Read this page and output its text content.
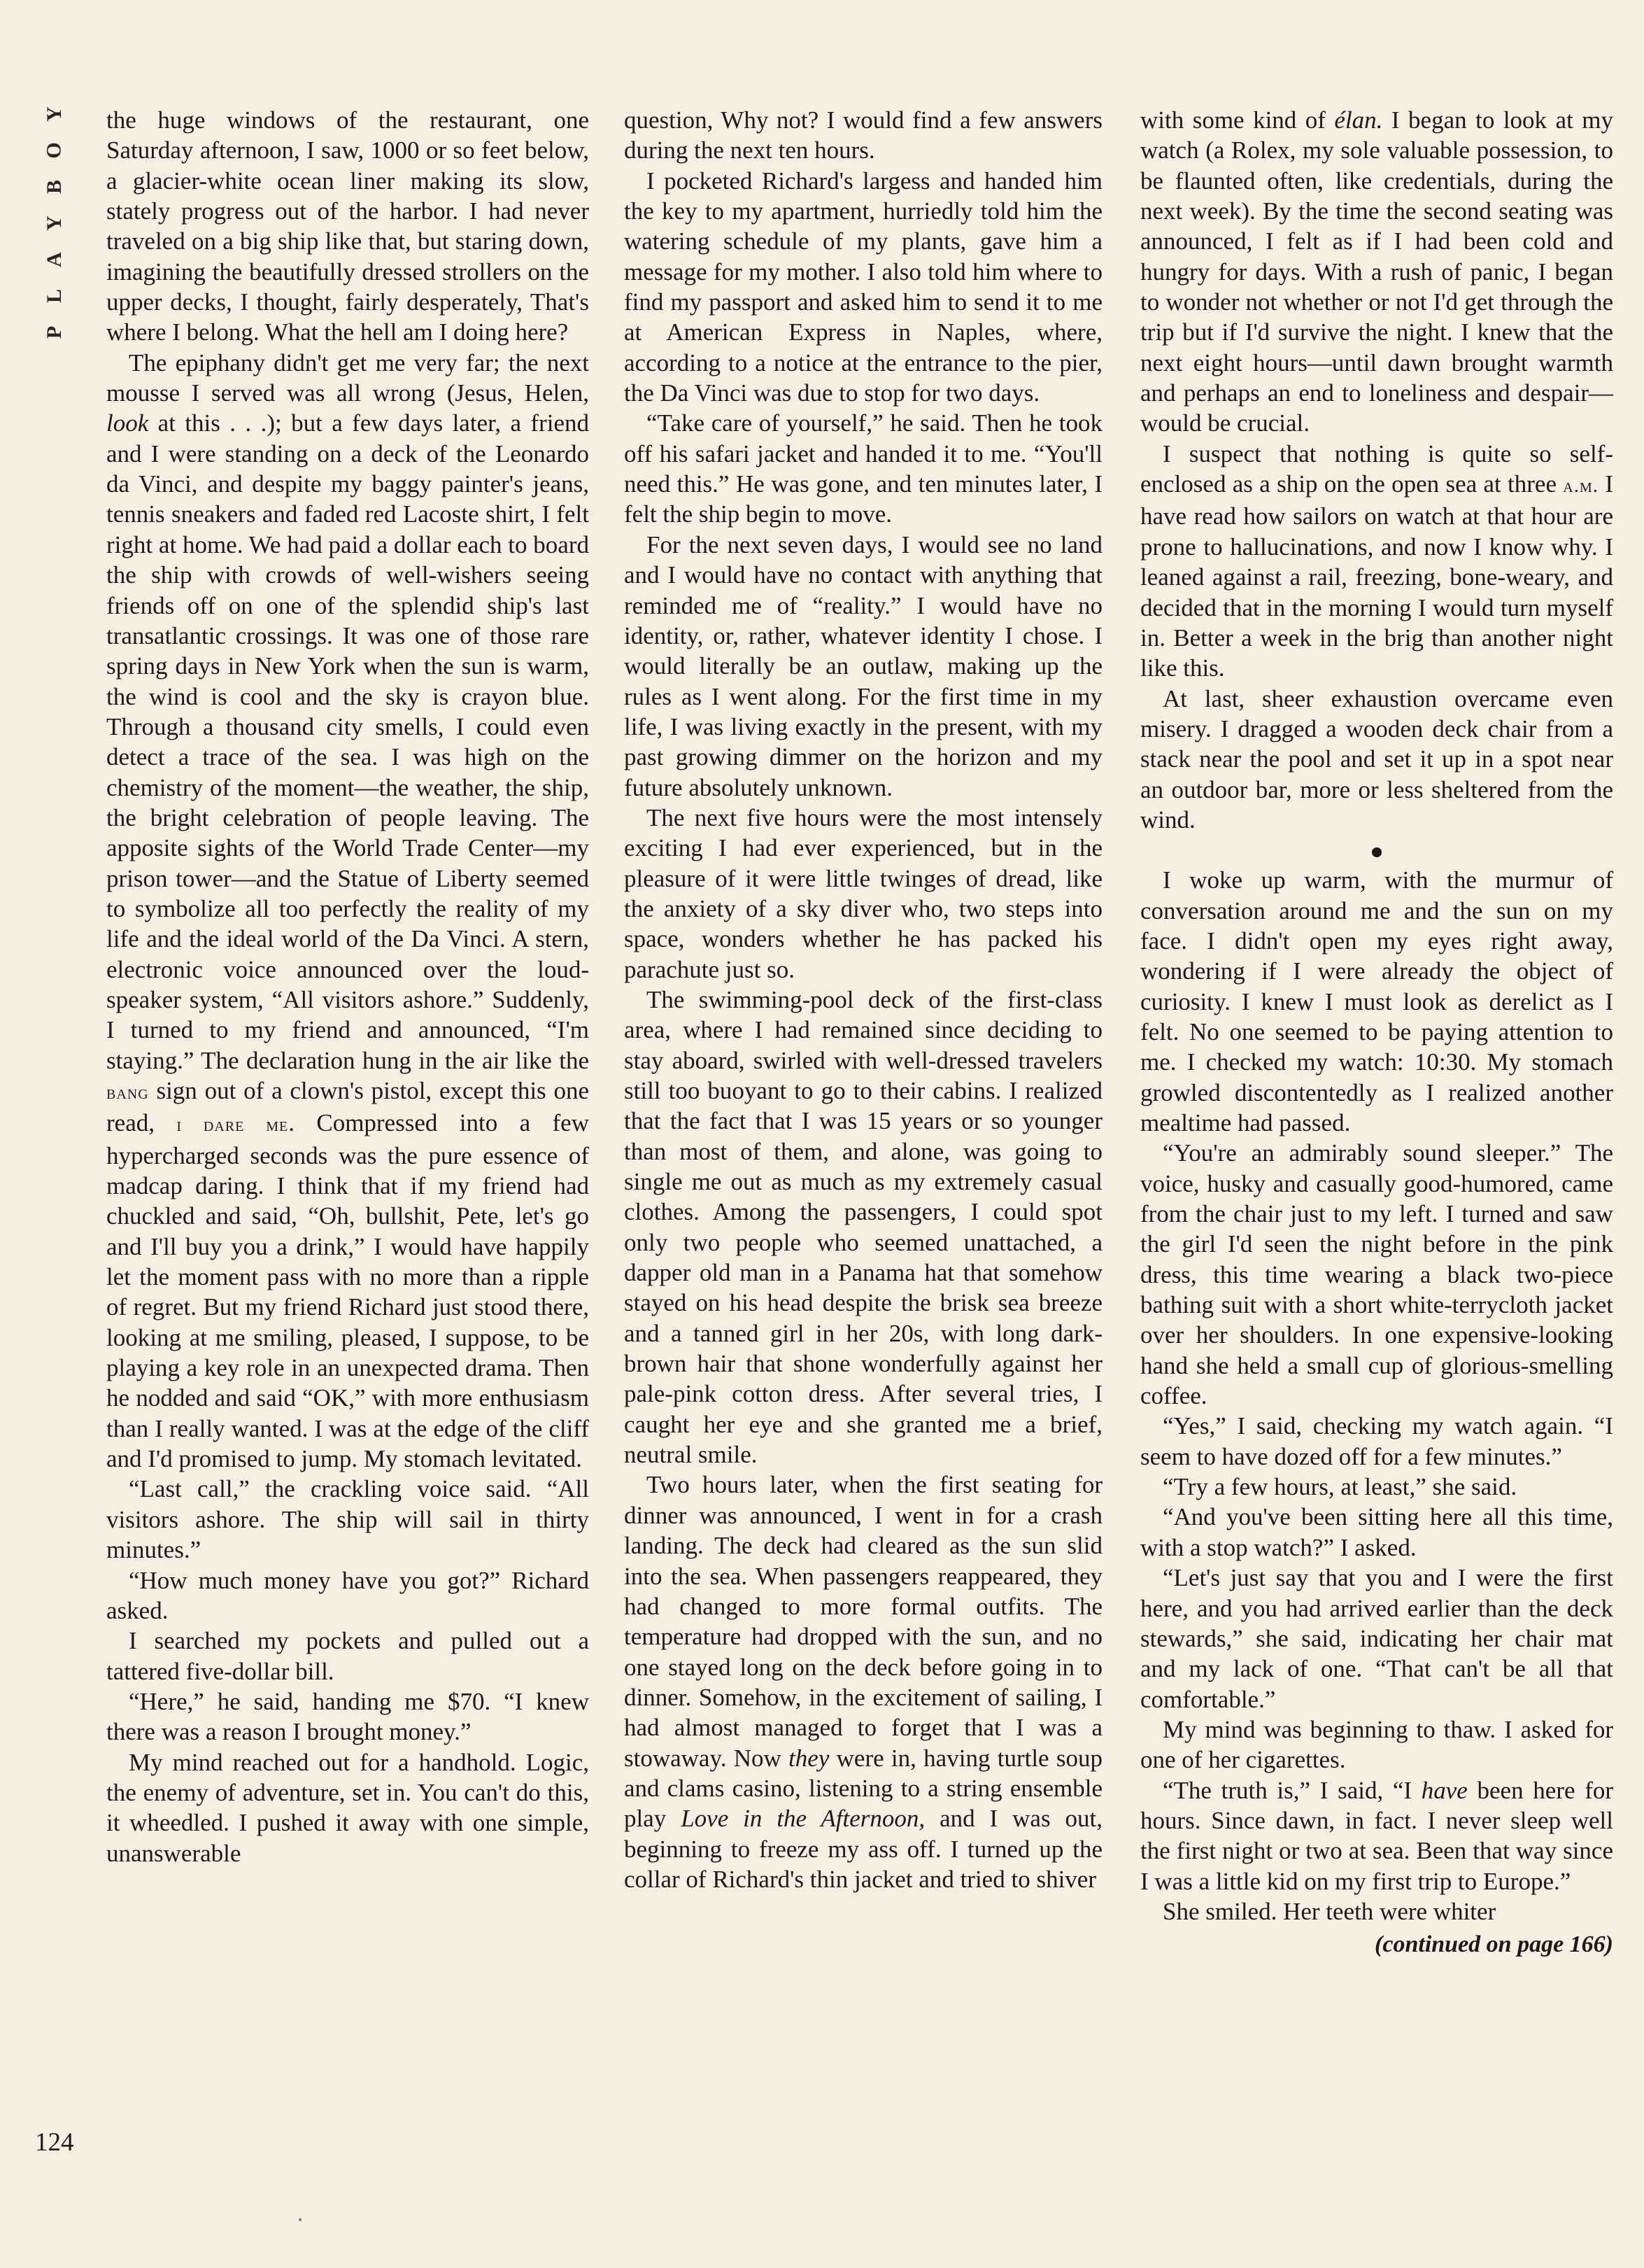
Y
O
B
Y
A
L
P

the huge windows of the restaurant, one Saturday afternoon, I saw, 1000 or so feet below, a glacier-white ocean liner making its slow, stately progress out of the harbor. I had never traveled on a big ship like that, but staring down, imagining the beautifully dressed strollers on the upper decks, I thought, fairly desperately, That's where I belong. What the hell am I doing here?

The epiphany didn't get me very far; the next mousse I served was all wrong (Jesus, Helen, look at this . . .); but a few days later, a friend and I were standing on a deck of the Leonardo da Vinci, and despite my baggy painter's jeans, tennis sneakers and faded red Lacoste shirt, I felt right at home. We had paid a dollar each to board the ship with crowds of well-wishers seeing friends off on one of the splendid ship's last transatlantic crossings. It was one of those rare spring days in New York when the sun is warm, the wind is cool and the sky is crayon blue. Through a thousand city smells, I could even detect a trace of the sea. I was high on the chemistry of the moment—the weather, the ship, the bright celebration of people leaving. The apposite sights of the World Trade Center—my prison tower—and the Statue of Liberty seemed to symbolize all too perfectly the reality of my life and the ideal world of the Da Vinci. A stern, electronic voice announced over the loud-speaker system, “All visitors ashore.” Suddenly, I turned to my friend and announced, “I'm staying.” The declaration hung in the air like the bang sign out of a clown's pistol, except this one read, i dare me. Compressed into a few hypercharged seconds was the pure essence of madcap daring. I think that if my friend had chuckled and said, “Oh, bullshit, Pete, let's go and I'll buy you a drink,” I would have happily let the moment pass with no more than a ripple of regret. But my friend Richard just stood there, looking at me smiling, pleased, I suppose, to be playing a key role in an unexpected drama. Then he nodded and said “OK,” with more enthusiasm than I really wanted. I was at the edge of the cliff and I'd promised to jump. My stomach levitated.

“Last call,” the crackling voice said. “All visitors ashore. The ship will sail in thirty minutes.”

“How much money have you got?” Richard asked.

I searched my pockets and pulled out a tattered five-dollar bill.

“Here,” he said, handing me $70. “I knew there was a reason I brought money.”

My mind reached out for a handhold. Logic, the enemy of adventure, set in. You can't do this, it wheedled. I pushed it away with one simple, unanswerable

question, Why not? I would find a few answers during the next ten hours.

I pocketed Richard's largess and handed him the key to my apartment, hurriedly told him the watering schedule of my plants, gave him a message for my mother. I also told him where to find my passport and asked him to send it to me at American Express in Naples, where, according to a notice at the entrance to the pier, the Da Vinci was due to stop for two days.

“Take care of yourself,” he said. Then he took off his safari jacket and handed it to me. “You'll need this.” He was gone, and ten minutes later, I felt the ship begin to move.

For the next seven days, I would see no land and I would have no contact with anything that reminded me of “reality.” I would have no identity, or, rather, whatever identity I chose. I would literally be an outlaw, making up the rules as I went along. For the first time in my life, I was living exactly in the present, with my past growing dimmer on the horizon and my future absolutely unknown.

The next five hours were the most intensely exciting I had ever experienced, but in the pleasure of it were little twinges of dread, like the anxiety of a sky diver who, two steps into space, wonders whether he has packed his parachute just so.

The swimming-pool deck of the first-class area, where I had remained since deciding to stay aboard, swirled with well-dressed travelers still too buoyant to go to their cabins. I realized that the fact that I was 15 years or so younger than most of them, and alone, was going to single me out as much as my extremely casual clothes. Among the passengers, I could spot only two people who seemed unattached, a dapper old man in a Panama hat that somehow stayed on his head despite the brisk sea breeze and a tanned girl in her 20s, with long dark-brown hair that shone wonderfully against her pale-pink cotton dress. After several tries, I caught her eye and she granted me a brief, neutral smile.

Two hours later, when the first seating for dinner was announced, I went in for a crash landing. The deck had cleared as the sun slid into the sea. When passengers reappeared, they had changed to more formal outfits. The temperature had dropped with the sun, and no one stayed long on the deck before going in to dinner. Somehow, in the excitement of sailing, I had almost managed to forget that I was a stowaway. Now they were in, having turtle soup and clams casino, listening to a string ensemble play Love in the Afternoon, and I was out, beginning to freeze my ass off. I turned up the collar of Richard's thin jacket and tried to shiver

with some kind of élan. I began to look at my watch (a Rolex, my sole valuable possession, to be flaunted often, like credentials, during the next week). By the time the second seating was announced, I felt as if I had been cold and hungry for days. With a rush of panic, I began to wonder not whether or not I'd get through the trip but if I'd survive the night. I knew that the next eight hours—until dawn brought warmth and perhaps an end to loneliness and despair—would be crucial.

I suspect that nothing is quite so self-enclosed as a ship on the open sea at three a.m. I have read how sailors on watch at that hour are prone to hallucinations, and now I know why. I leaned against a rail, freezing, bone-weary, and decided that in the morning I would turn myself in. Better a week in the brig than another night like this.

At last, sheer exhaustion overcame even misery. I dragged a wooden deck chair from a stack near the pool and set it up in a spot near an outdoor bar, more or less sheltered from the wind.

I woke up warm, with the murmur of conversation around me and the sun on my face. I didn't open my eyes right away, wondering if I were already the object of curiosity. I knew I must look as derelict as I felt. No one seemed to be paying attention to me. I checked my watch: 10:30. My stomach growled discontentedly as I realized another mealtime had passed.

“You're an admirably sound sleeper.” The voice, husky and casually good-humored, came from the chair just to my left. I turned and saw the girl I'd seen the night before in the pink dress, this time wearing a black two-piece bathing suit with a short white-terrycloth jacket over her shoulders. In one expensive-looking hand she held a small cup of glorious-smelling coffee.

“Yes,” I said, checking my watch again. “I seem to have dozed off for a few minutes.”

“Try a few hours, at least,” she said.

“And you've been sitting here all this time, with a stop watch?” I asked.

“Let's just say that you and I were the first here, and you had arrived earlier than the deck stewards,” she said, indicating her chair mat and my lack of one. “That can't be all that comfortable.”

My mind was beginning to thaw. I asked for one of her cigarettes.

“The truth is,” I said, “I have been here for hours. Since dawn, in fact. I never sleep well the first night or two at sea. Been that way since I was a little kid on my first trip to Europe.”

She smiled. Her teeth were whiter

(continued on page 166)
124
